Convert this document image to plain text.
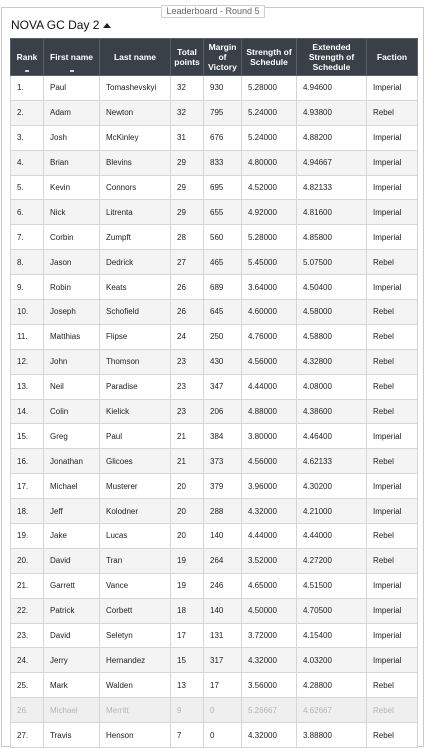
Leaderboard - Round 5
NOVA GC Day 2
Rank	First name	Last name	Total points	Margin of Victory	Strength of Schedule	Extended Strength of Schedule	Faction
1.	Paul	Tomashevskyi	32	930	5.28000	4.94600	Imperial
2.	Adam	Newton	32	795	5.24000	4.93800	Rebel
3.	Josh	McKinley	31	676	5.24000	4.88200	Imperial
4.	Brian	Blevins	29	833	4.80000	4.94667	Imperial
5.	Kevin	Connors	29	695	4.52000	4.82133	Imperial
6.	Nick	Litrenta	29	655	4.92000	4.81600	Imperial
7.	Corbin	Zumpft	28	560	5.28000	4.85800	Imperial
8.	Jason	Dedrick	27	465	5.45000	5.07500	Rebel
9.	Robin	Keats	26	689	3.64000	4.50400	Imperial
10.	Joseph	Schofield	26	645	4.60000	4.58000	Rebel
11.	Matthias	Flipse	24	250	4.76000	4.58800	Rebel
12.	John	Thomson	23	430	4.56000	4.32800	Rebel
13.	Neil	Paradise	23	347	4.44000	4.08000	Rebel
14.	Colin	Kielick	23	206	4.88000	4.38600	Rebel
15.	Greg	Paul	21	384	3.80000	4.46400	Imperial
16.	Jonathan	Glicoes	21	373	4.56000	4.62133	Rebel
17.	Michael	Musterer	20	379	3.96000	4.30200	Imperial
18.	Jeff	Kolodner	20	288	4.32000	4.21000	Imperial
19.	Jake	Lucas	20	140	4.44000	4.44000	Rebel
20.	David	Tran	19	264	3.52000	4.27200	Rebel
21.	Garrett	Vance	19	246	4.65000	4.51500	Imperial
22.	Patrick	Corbett	18	140	4.50000	4.70500	Imperial
23.	David	Seletyn	17	131	3.72000	4.15400	Imperial
24.	Jerry	Hernandez	15	317	4.32000	4.03200	Imperial
25.	Mark	Walden	13	17	3.56000	4.28800	Rebel
26.	Michael	Merritt	9	0	5.26667	4.62667	Rebel
27.	Travis	Henson	7	0	4.32000	3.88800	Rebel
